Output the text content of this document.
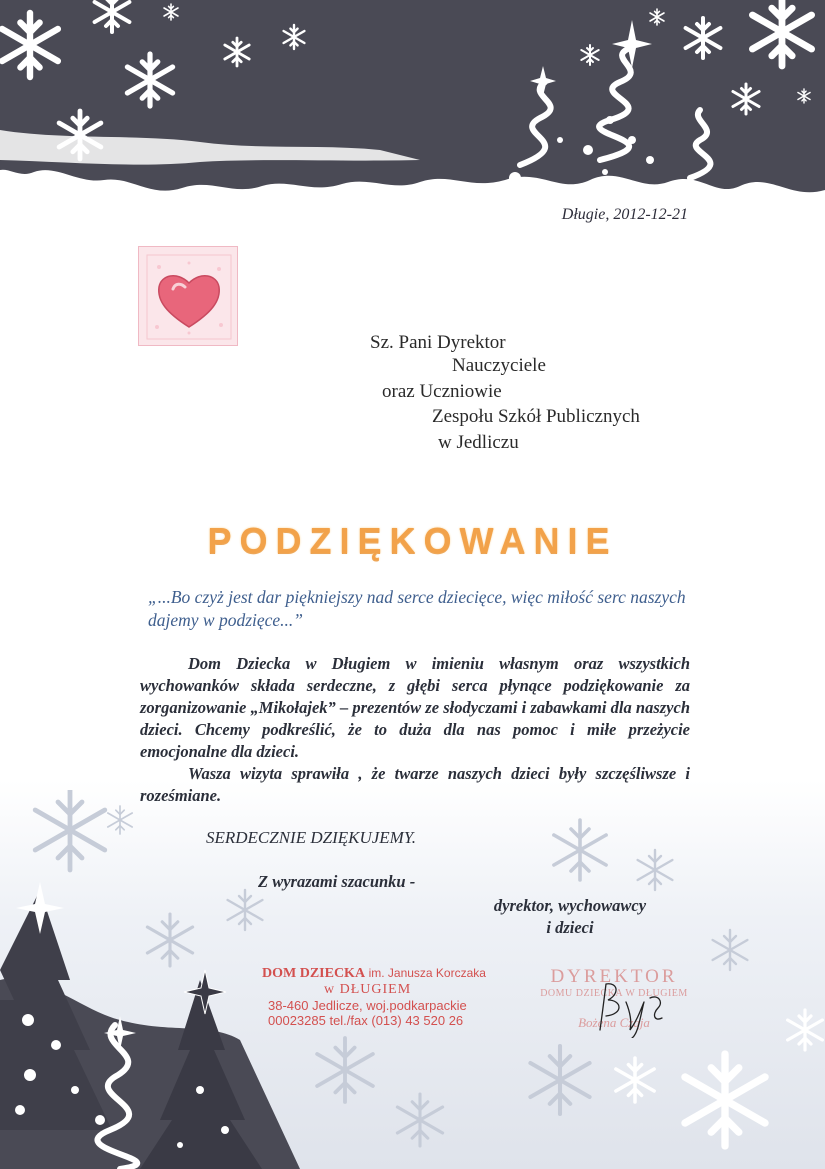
Długie, 2012-12-21

Sz. Pani Dyrektor

Nauczyciele

oraz Uczniowie

Zespołu Szkół Publicznych

w Jedliczu

PODZIĘKOWANIE

„...Bo czyż jest dar piękniejszy nad serce dziecięce, więc miłość serc naszych dajemy w podzięce...”

Dom Dziecka w Długiem w imieniu własnym oraz wszystkich wychowanków składa serdeczne, z głębi serca płynące podziękowanie za zorganizowanie „Mikołajek” – prezentów ze słodyczami i zabawkami dla naszych dzieci. Chcemy podkreślić, że to duża dla nas pomoc i miłe przeżycie emocjonalne dla dzieci.

Wasza wizyta sprawiła , że twarze naszych dzieci były szczęśliwsze i roześmiane.

SERDECZNIE DZIĘKUJEMY.

Z wyrazami szacunku -

dyrektor, wychowawcy

i dzieci

DOM DZIECKA im. Janusza Korczaka
w DŁUGIEM
38-460 Jedlicze, woj.podkarpackie
00023285 tel./fax (013) 43 520 26
DYREKTOR
DOMU DZIECKA W DŁUGIEM
Bożena Czaja
